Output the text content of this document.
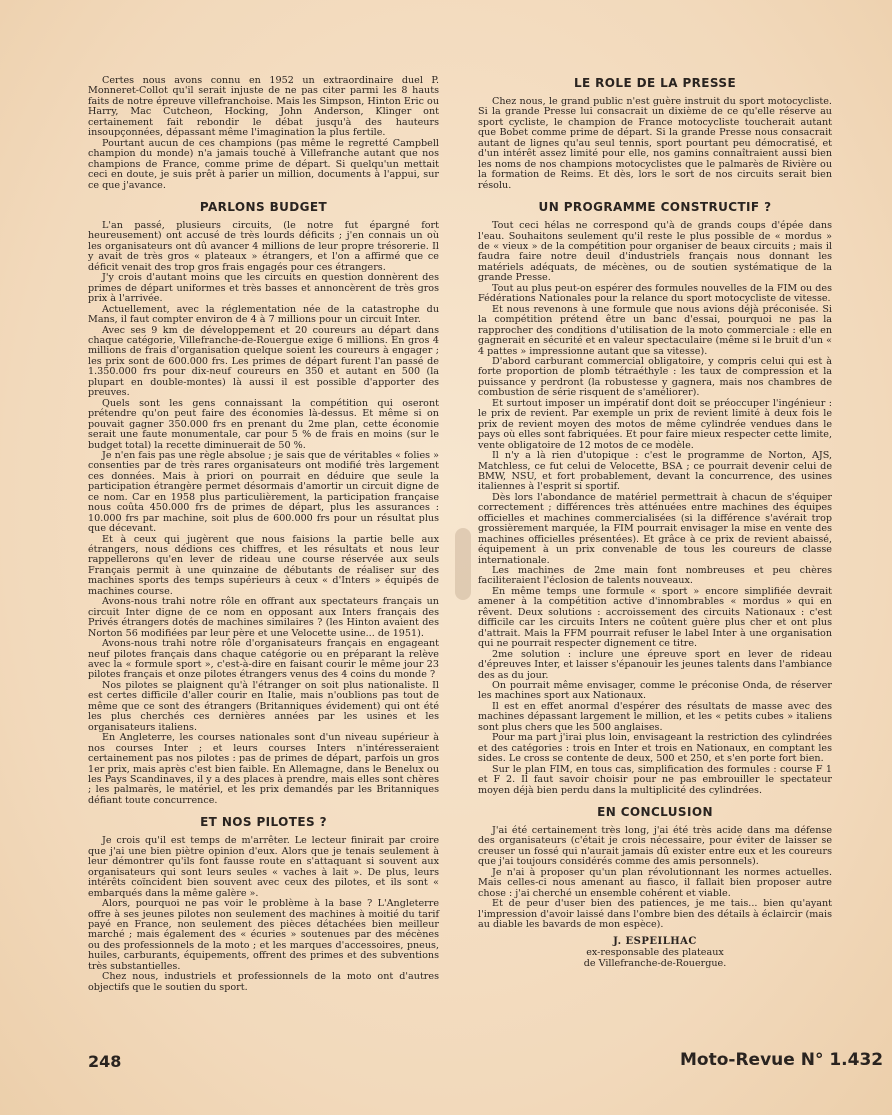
Certes nous avons connu en 1952 un extraordinaire duel P. Monneret-Collot qu'il serait injuste de ne pas citer parmi les 8 hauts faits de notre épreuve villefranchoise. Mais les Simpson, Hinton Eric ou Harry, Mac Cutcheon, Hocking, John Anderson, Klinger ont certainement fait rebondir le débat jusqu'à des hauteurs insoupçonnées, dépassant même l'imagination la plus fertile.

Pourtant aucun de ces champions (pas même le regretté Campbell champion du monde) n'a jamais touché à Villefranche autant que nos champions de France, comme prime de départ. Si quelqu'un mettait ceci en doute, je suis prêt à parier un million, documents à l'appui, sur ce que j'avance.

PARLONS BUDGET

L'an passé, plusieurs circuits, (le notre fut épargné fort heureusement) ont accusé de très lourds déficits ; j'en connais un où les organisateurs ont dû avancer 4 millions de leur propre trésorerie. Il y avait de très gros « plateaux » étrangers, et l'on a affirmé que ce déficit venait des trop gros frais engagés pour ces étrangers.

J'y crois d'autant moins que les circuits en question donnèrent des primes de départ uniformes et très basses et annoncèrent de très gros prix à l'arrivée.

Actuellement, avec la réglementation née de la catastrophe du Mans, il faut compter environ de 4 à 7 millions pour un circuit Inter.

Avec ses 9 km de développement et 20 coureurs au départ dans chaque catégorie, Villefranche-de-Rouergue exige 6 millions. En gros 4 millions de frais d'organisation quelque soient les coureurs à engager ; les prix sont de 600.000 frs. Les primes de départ furent l'an passé de 1.350.000 frs pour dix-neuf coureurs en 350 et autant en 500 (la plupart en double-montes) là aussi il est possible d'apporter des preuves.

Quels sont les gens connaissant la compétition qui oseront prétendre qu'on peut faire des économies là-dessus. Et même si on pouvait gagner 350.000 frs en prenant du 2me plan, cette économie serait une faute monumentale, car pour 5 % de frais en moins (sur le budget total) la recette diminuerait de 50 %.

Je n'en fais pas une règle absolue ; je sais que de véritables « folies » consenties par de très rares organisateurs ont modifié très largement ces données. Mais à priori on pourrait en déduire que seule la participation étrangère permet désormais d'amortir un circuit digne de ce nom. Car en 1958 plus particulièrement, la participation française nous coûta 450.000 frs de primes de départ, plus les assurances : 10.000 frs par machine, soit plus de 600.000 frs pour un résultat plus que décevant.

Et à ceux qui jugèrent que nous faisions la partie belle aux étrangers, nous dédions ces chiffres, et les résultats et nous leur rappellerons qu'en lever de rideau une course réservée aux seuls Français permit à une quinzaine de débutants de réaliser sur des machines sports des temps supérieurs à ceux « d'Inters » équipés de machines course.

Avons-nous trahi notre rôle en offrant aux spectateurs français un circuit Inter digne de ce nom en opposant aux Inters français des Privés étrangers dotés de machines similaires ? (les Hinton avaient des Norton 56 modifiées par leur père et une Velocette usine... de 1951).

Avons-nous trahi notre rôle d'organisateurs français en engageant neuf pilotes français dans chaque catégorie ou en préparant la relève avec la « formule sport », c'est-à-dire en faisant courir le même jour 23 pilotes français et onze pilotes étrangers venus des 4 coins du monde ?

Nos pilotes se plaignent qu'à l'étranger on soit plus nationaliste. Il est certes difficile d'aller courir en Italie, mais n'oublions pas tout de même que ce sont des étrangers (Britanniques évidement) qui ont été les plus cherchés ces dernières années par les usines et les organisateurs italiens.

En Angleterre, les courses nationales sont d'un niveau supérieur à nos courses Inter ; et leurs courses Inters n'intéresseraient certainement pas nos pilotes : pas de primes de départ, parfois un gros 1er prix, mais après c'est bien faible. En Allemagne, dans le Benelux ou les Pays Scandinaves, il y a des places à prendre, mais elles sont chères ; les palmarès, le matériel, et les prix demandés par les Britanniques défiant toute concurrence.

ET NOS PILOTES ?

Je crois qu'il est temps de m'arrêter. Le lecteur finirait par croire que j'ai une bien piètre opinion d'eux. Alors que je tenais seulement à leur démontrer qu'ils font fausse route en s'attaquant si souvent aux organisateurs qui sont leurs seules « vaches à lait ». De plus, leurs intérêts coïncident bien souvent avec ceux des pilotes, et ils sont « embarqués dans la même galère ».

Alors, pourquoi ne pas voir le problème à la base ? L'Angleterre offre à ses jeunes pilotes non seulement des machines à moitié du tarif payé en France, non seulement des pièces détachées bien meilleur marché ; mais également des « écuries » soutenues par des mécènes ou des professionnels de la moto ; et les marques d'accessoires, pneus, huiles, carburants, équipements, offrent des primes et des subventions très substantielles.

Chez nous, industriels et professionnels de la moto ont d'autres objectifs que le soutien du sport.

LE ROLE DE LA PRESSE

Chez nous, le grand public n'est guère instruit du sport motocycliste. Si la grande Presse lui consacrait un dixième de ce qu'elle réserve au sport cycliste, le champion de France motocycliste toucherait autant que Bobet comme prime de départ. Si la grande Presse nous consacrait autant de lignes qu'au seul tennis, sport pourtant peu démocratisé, et d'un intérêt assez limité pour elle, nos gamins connaîtraient aussi bien les noms de nos champions motocyclistes que le palmarès de Rivière ou la formation de Reims. Et dès, lors le sort de nos circuits serait bien résolu.

UN PROGRAMME CONSTRUCTIF ?

Tout ceci hélas ne correspond qu'à de grands coups d'épée dans l'eau. Souhaitons seulement qu'il reste le plus possible de « mordus » de « vieux » de la compétition pour organiser de beaux circuits ; mais il faudra faire notre deuil d'industriels français nous donnant les matériels adéquats, de mécènes, ou de soutien systématique de la grande Presse.

Tout au plus peut-on espérer des formules nouvelles de la FIM ou des Fédérations Nationales pour la relance du sport motocycliste de vitesse.

Et nous revenons à une formule que nous avions déjà préconisée. Si la compétition prétend être un banc d'essai, pourquoi ne pas la rapprocher des conditions d'utilisation de la moto commerciale : elle en gagnerait en sécurité et en valeur spectaculaire (même si le bruit d'un « 4 pattes » impressionne autant que sa vitesse).

D'abord carburant commercial obligatoire, y compris celui qui est à forte proportion de plomb tétraéthyle : les taux de compression et la puissance y perdront (la robustesse y gagnera, mais nos chambres de combustion de série risquent de s'améliorer).

Et surtout imposer un impératif dont doit se préoccuper l'ingénieur : le prix de revient. Par exemple un prix de revient limité à deux fois le prix de revient moyen des motos de même cylindrée vendues dans le pays où elles sont fabriquées. Et pour faire mieux respecter cette limite, vente obligatoire de 12 motos de ce modèle.

Il n'y a là rien d'utopique : c'est le programme de Norton, AJS, Matchless, ce fut celui de Velocette, BSA ; ce pourrait devenir celui de BMW, NSU, et fort probablement, devant la concurrence, des usines italiennes à l'esprit si sportif.

Dès lors l'abondance de matériel permettrait à chacun de s'équiper correctement ; différences très atténuées entre machines des équipes officielles et machines commercialisées (si la différence s'avérait trop grossièrement marquée, la FIM pourrait envisager la mise en vente des machines officielles présentées). Et grâce à ce prix de revient abaissé, équipement à un prix convenable de tous les coureurs de classe internationale.

Les machines de 2me main font nombreuses et peu chères faciliteraient l'éclosion de talents nouveaux.

En même temps une formule « sport » encore simplifiée devrait amener à la compétition active d'innombrables « mordus » qui en rêvent. Deux solutions : accroissement des circuits Nationaux : c'est difficile car les circuits Inters ne coûtent guère plus cher et ont plus d'attrait. Mais la FFM pourrait refuser le label Inter à une organisation qui ne pourrait respecter dignement ce titre.

2me solution : inclure une épreuve sport en lever de rideau d'épreuves Inter, et laisser s'épanouir les jeunes talents dans l'ambiance des as du jour.

On pourrait même envisager, comme le préconise Onda, de réserver les machines sport aux Nationaux.

Il est en effet anormal d'espérer des résultats de masse avec des machines dépassant largement le million, et les « petits cubes » italiens sont plus chers que les 500 anglaises.

Pour ma part j'irai plus loin, envisageant la restriction des cylindrées et des catégories : trois en Inter et trois en Nationaux, en comptant les sides. Le cross se contente de deux, 500 et 250, et s'en porte fort bien.

Sur le plan FIM, en tous cas, simplification des formules : course F 1 et F 2. Il faut savoir choisir pour ne pas embrouiller le spectateur moyen déjà bien perdu dans la multiplicité des cylindrées.

EN CONCLUSION

J'ai été certainement très long, j'ai été très acide dans ma défense des organisateurs (c'était je crois nécessaire, pour éviter de laisser se creuser un fossé qui n'aurait jamais dû exister entre eux et les coureurs que j'ai toujours considérés comme des amis personnels).

Je n'ai à proposer qu'un plan révolutionnant les normes actuelles. Mais celles-ci nous amenant au fiasco, il fallait bien proposer autre chose : j'ai cherché un ensemble cohérent et viable.

Et de peur d'user bien des patiences, je me tais... bien qu'ayant l'impression d'avoir laissé dans l'ombre bien des détails à éclaircir (mais au diable les bavards de mon espèce).

J. ESPEILHAC
ex-responsable des plateaux
de Villefranche-de-Rouergue.
248	Moto-Revue N° 1.432
